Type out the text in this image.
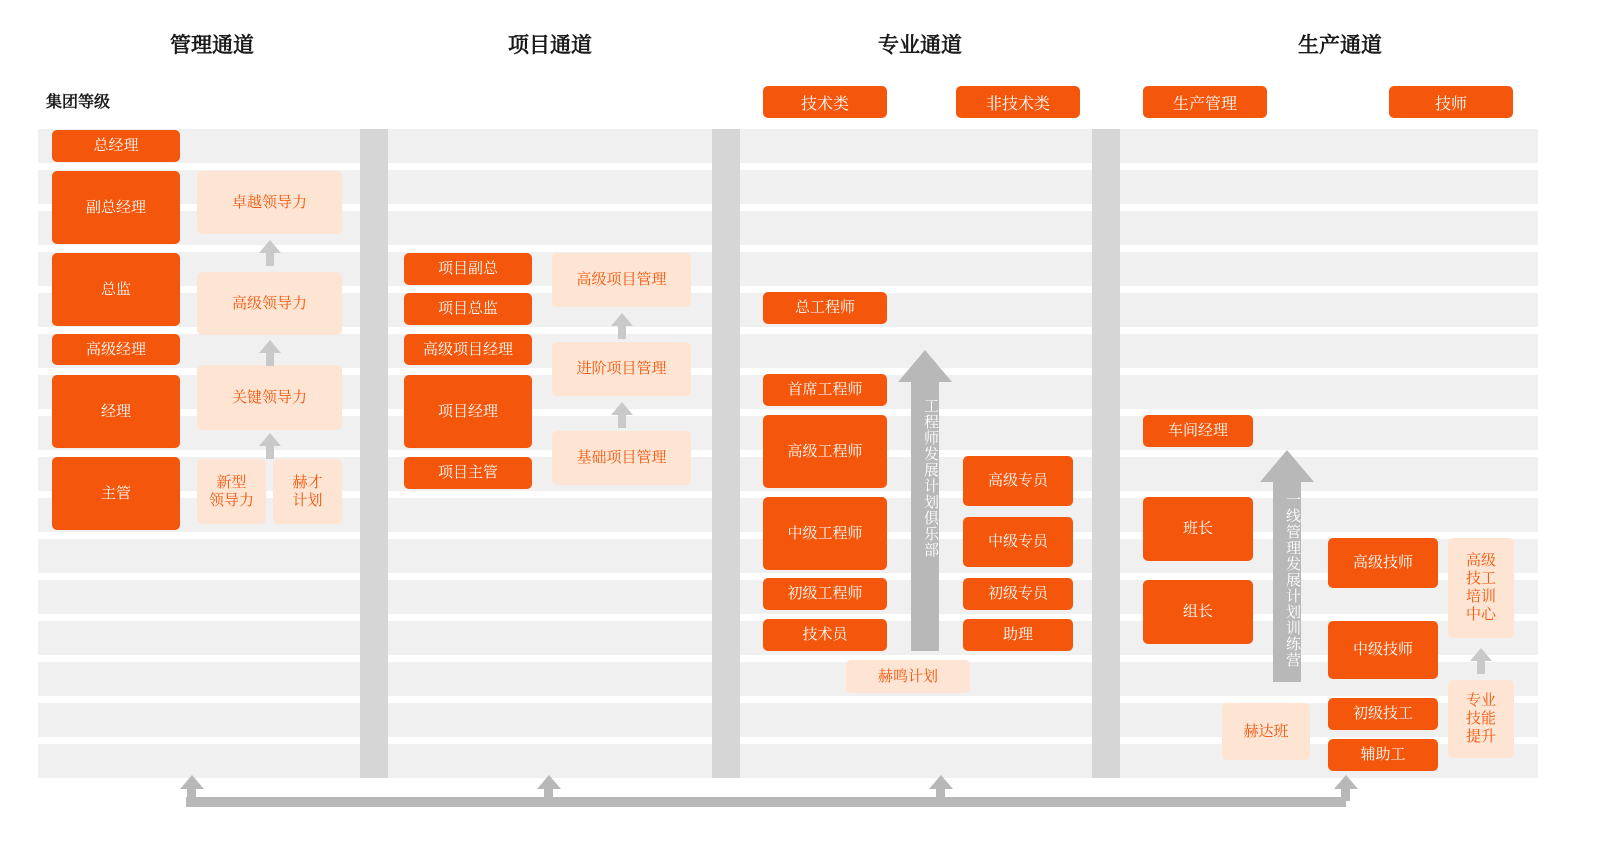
管理通道	项目通道	专业通道	生产通道
集团等级	技术类	非技术类	生产管理	技师
总经理
副总经理
总监
高级经理
经理
主管
卓越领导力
高级领导力
关键领导力
新型
领导力
赫才
计划
项目副总
项目总监
高级项目经理
项目经理
项目主管
高级项目管理
进阶项目管理
基础项目管理
总工程师
首席工程师
高级工程师
中级工程师
初级工程师
技术员
工程师发展计划俱乐部
赫鸣计划
高级专员
中级专员
初级专员
助理
车间经理
班长
组长	一线管理发展计划训练营
赫达班
高级技师
中级技师
初级技工
辅助工
高级
技工
培训
中心
专业
技能
提升
